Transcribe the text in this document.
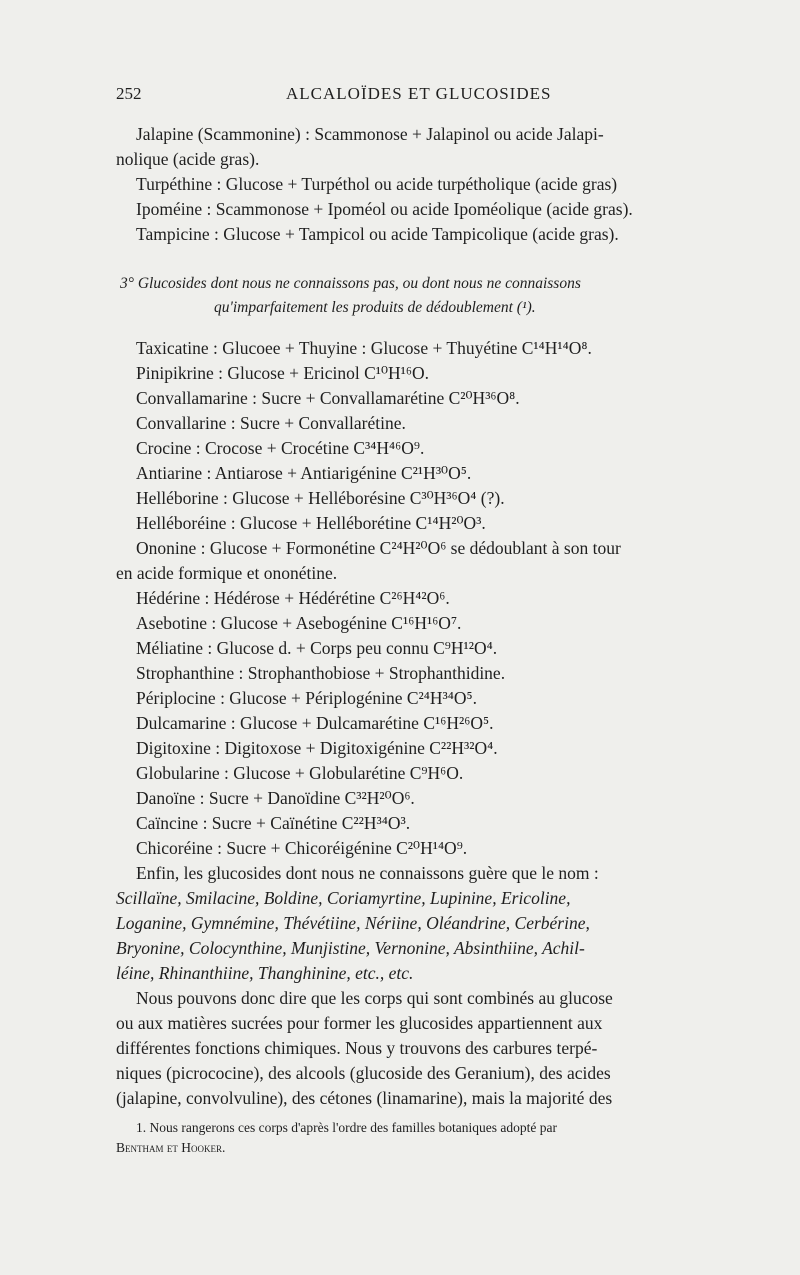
252	ALCALOÏDES ET GLUCOSIDES
Jalapine (Scammonine) : Scammonose + Jalapinol ou acide Jalapi-
nolique (acide gras).
Turpéthine : Glucose + Turpéthol ou acide turpétholique (acide gras)
Ipoméine : Scammonose + Ipoméol ou acide Ipoméolique (acide gras).
Tampicine : Glucose + Tampicol ou acide Tampicolique (acide gras).
3° Glucosides dont nous ne connaissons pas, ou dont nous ne connaissons
qu'imparfaitement les produits de dédoublement (¹).
Taxicatine : Glucoee + Thuyine : Glucose + Thuyétine C¹⁴H¹⁴O⁸.
Pinipikrine : Glucose + Ericinol C¹⁰H¹⁶O.
Convallamarine : Sucre + Convallamarétine C²⁰H³⁶O⁸.
Convallarine : Sucre + Convallarétine.
Crocine : Crocose + Crocétine C³⁴H⁴⁶O⁹.
Antiarine : Antiarose + Antiarigénine C²¹H³⁰O⁵.
Helléborine : Glucose + Helléborésine C³⁰H³⁶O⁴ (?).
Helléboréine : Glucose + Helléborétine C¹⁴H²⁰O³.
Ononine : Glucose + Formonétine C²⁴H²⁰O⁶ se dédoublant à son tour
en acide formique et ononétine.
Hédérine : Hédérose + Hédérétine C²⁶H⁴²O⁶.
Asebotine : Glucose + Asebogénine C¹⁶H¹⁶O⁷.
Méliatine : Glucose d. + Corps peu connu C⁹H¹²O⁴.
Strophanthine : Strophanthobiose + Strophanthidine.
Périplocine : Glucose + Périplogénine C²⁴H³⁴O⁵.
Dulcamarine : Glucose + Dulcamarétine C¹⁶H²⁶O⁵.
Digitoxine : Digitoxose + Digitoxigénine C²²H³²O⁴.
Globularine : Glucose + Globularétine C⁹H⁶O.
Danoïne : Sucre + Danoïdine C³²H²⁰O⁶.
Caïncine : Sucre + Caïnétine C²²H³⁴O³.
Chicoréine : Sucre + Chicoréigénine C²⁰H¹⁴O⁹.
Enfin, les glucosides dont nous ne connaissons guère que le nom :
Scillaïne, Smilacine, Boldine, Coriamyrtine, Lupinine, Ericoline,
Loganine, Gymnémine, Thévétiine, Nériine, Oléandrine, Cerbérine,
Bryonine, Colocynthine, Munjistine, Vernonine, Absinthiine, Achil-
léine, Rhinanthiine, Thanghinine, etc., etc.
Nous pouvons donc dire que les corps qui sont combinés au glucose
ou aux matières sucrées pour former les glucosides appartiennent aux
différentes fonctions chimiques. Nous y trouvons des carbures terpé-
niques (picrococine), des alcools (glucoside des Geranium), des acides
(jalapine, convolvuline), des cétones (linamarine), mais la majorité des
1. Nous rangerons ces corps d'après l'ordre des familles botaniques adopté par
Bentham et Hooker.
